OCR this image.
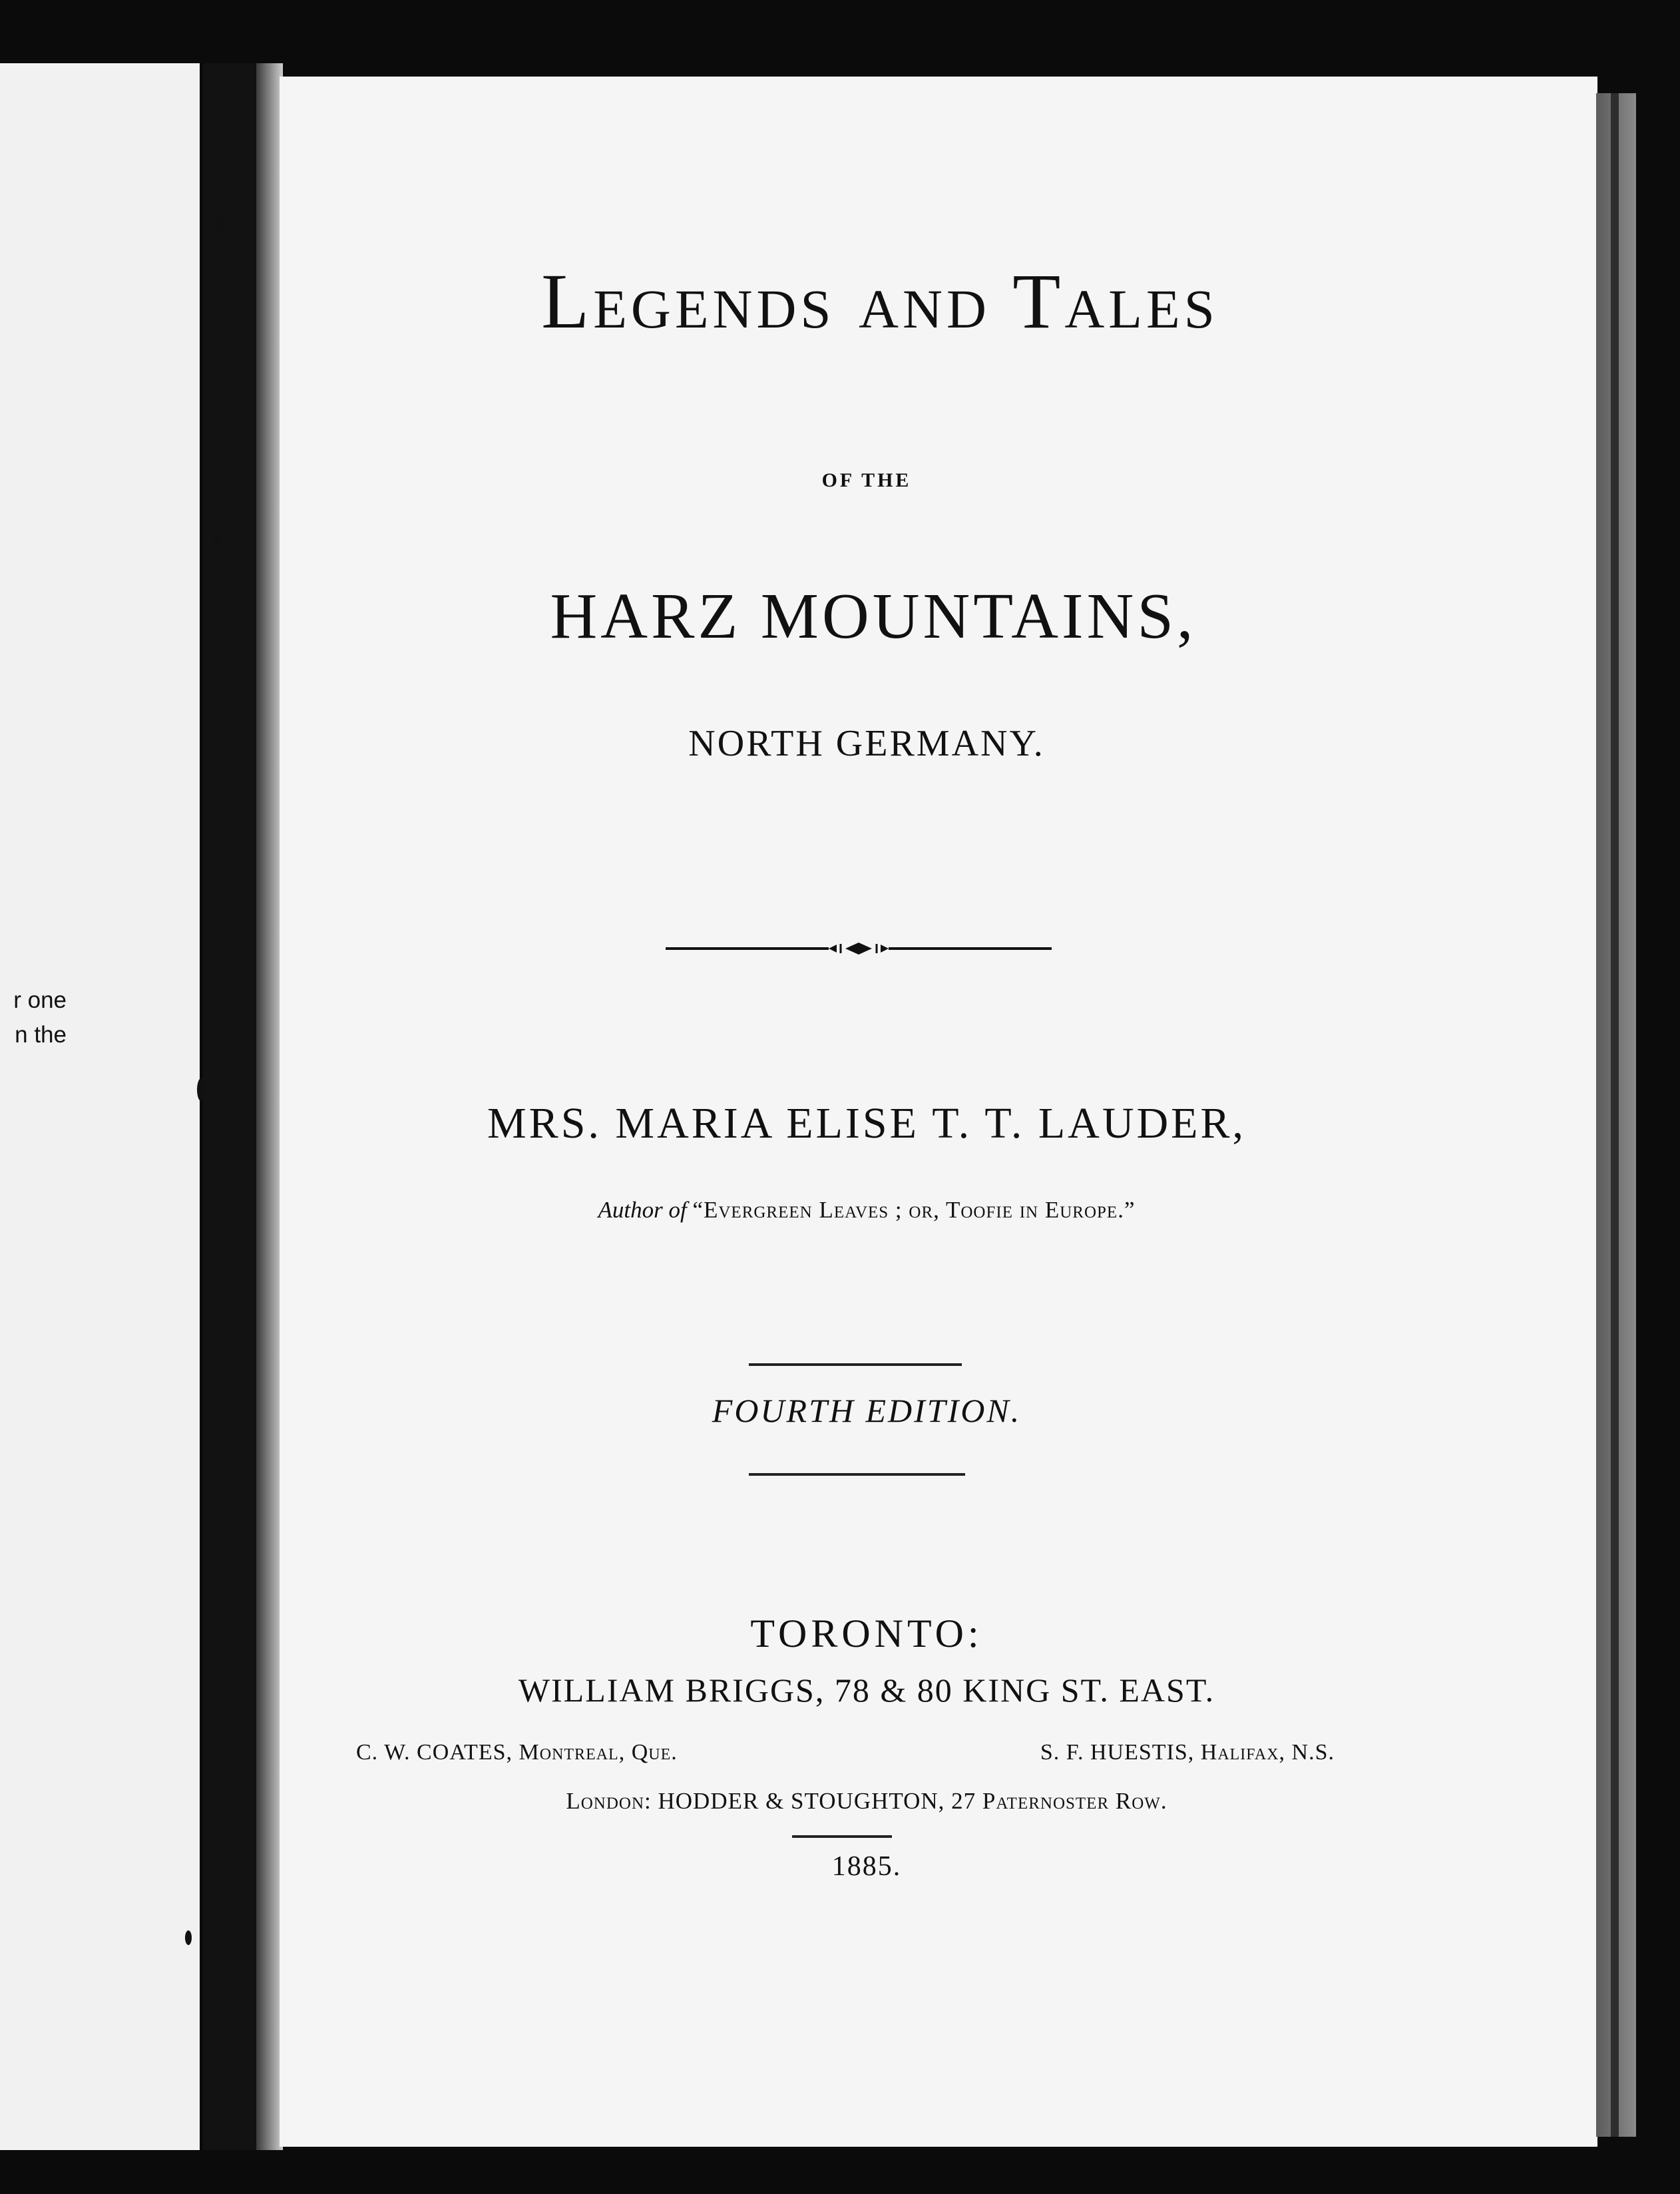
r one
n the
Legends and Tales
OF THE
HARZ MOUNTAINS,
NORTH GERMANY.
MRS. MARIA ELISE T. T. LAUDER,
Author of “Evergreen Leaves ; or, Toofie in Europe.”
FOURTH EDITION.
TORONTO:
WILLIAM BRIGGS, 78 & 80 KING ST. EAST.
C. W. COATES, Montreal, Que.	S. F. HUESTIS, Halifax, N.S.
London: HODDER & STOUGHTON, 27 Paternoster Row.
1885.
